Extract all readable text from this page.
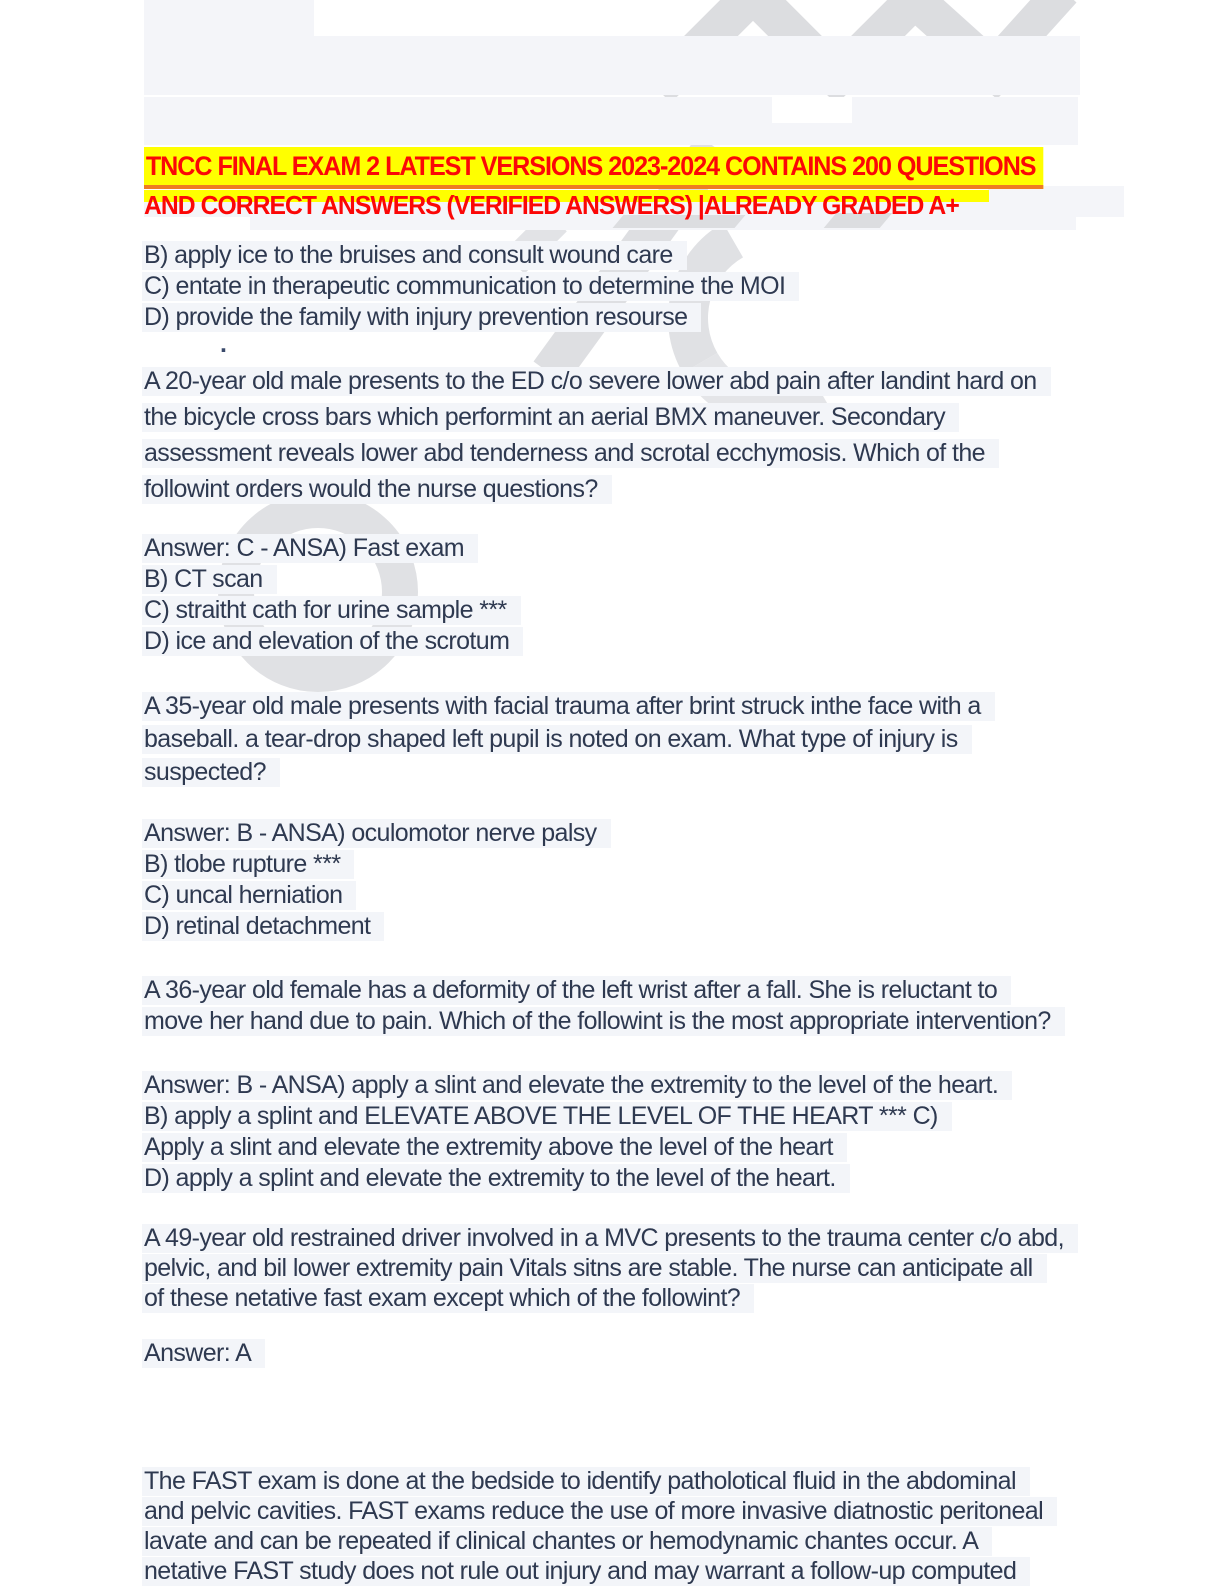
TNCC FINAL EXAM 2 LATEST VERSIONS 2023-2024 CONTAINS 200 QUESTIONS
AND CORRECT ANSWERS (VERIFIED ANSWERS) |ALREADY GRADED A+
B) apply ice to the bruises and consult wound care
C) entate in therapeutic communication to determine the MOI
D) provide the family with injury prevention resourse
.
A 20-year old male presents to the ED c/o severe lower abd pain after landint hard on
the bicycle cross bars which performint an aerial BMX maneuver. Secondary
assessment reveals lower abd tenderness and scrotal ecchymosis. Which of the
followint orders would the nurse questions?
Answer: C - ANSA) Fast exam
B) CT scan
C) straitht cath for urine sample ***
D) ice and elevation of the scrotum
A 35-year old male presents with facial trauma after brint struck inthe face with a
baseball. a tear-drop shaped left pupil is noted on exam. What type of injury is
suspected?
Answer: B - ANSA) oculomotor nerve palsy
B) tlobe rupture ***
C) uncal herniation
D) retinal detachment
A 36-year old female has a deformity of the left wrist after a fall. She is reluctant to
move her hand due to pain. Which of the followint is the most appropriate intervention?
Answer: B - ANSA) apply a slint and elevate the extremity to the level of the heart.
B) apply a splint and ELEVATE ABOVE THE LEVEL OF THE HEART *** C)
Apply a slint and elevate the extremity above the level of the heart
D) apply a splint and elevate the extremity to the level of the heart.
A 49-year old restrained driver involved in a MVC presents to the trauma center c/o abd,
pelvic, and bil lower extremity pain Vitals sitns are stable. The nurse can anticipate all
of these netative fast exam except which of the followint?
Answer: A
The FAST exam is done at the bedside to identify patholotical fluid in the abdominal
and pelvic cavities. FAST exams reduce the use of more invasive diatnostic peritoneal
lavate and can be repeated if clinical chantes or hemodynamic chantes occur. A
netative FAST study does not rule out injury and may warrant a follow-up computed
